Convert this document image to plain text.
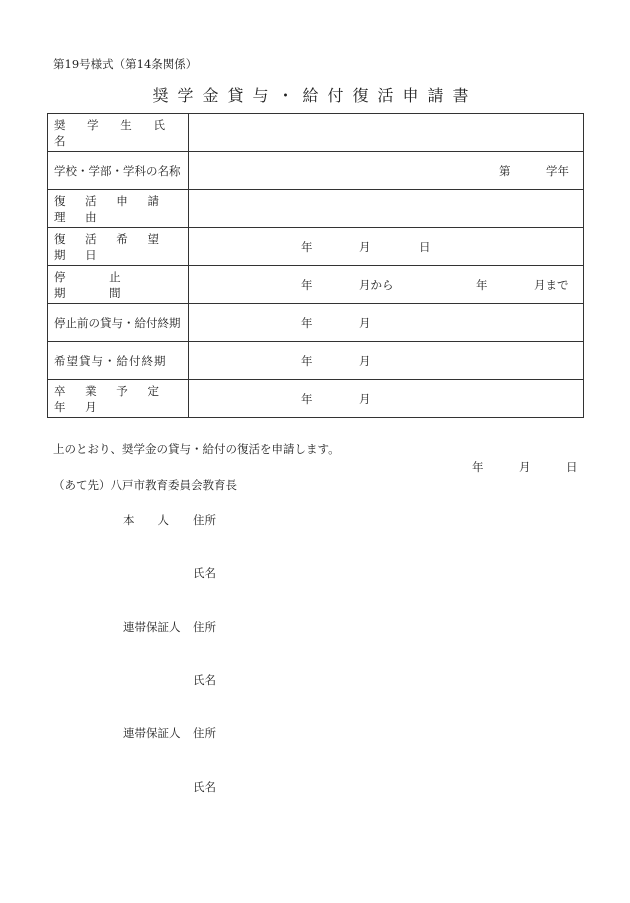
第19号様式（第14条関係）
奨学金貸与・給付復活申請書
奨 学 生 氏 名	

学校・学部・学科の名称	第 学年

復 活 申 請 理 由	

復 活 希 望 期 日	年 月 日

停 止 期 間	年 月から 年 月まで

停止前の貸与・給付終期	年 月

希望貸与・給付終期	年 月

卒 業 予 定 年 月	年 月
上のとおり、奨学金の貸与・給付の復活を申請します。
年	月	日
（あて先）八戸市教育委員会教育長
本　　人 住所
氏名
連帯保証人 住所
氏名
連帯保証人 住所
氏名
